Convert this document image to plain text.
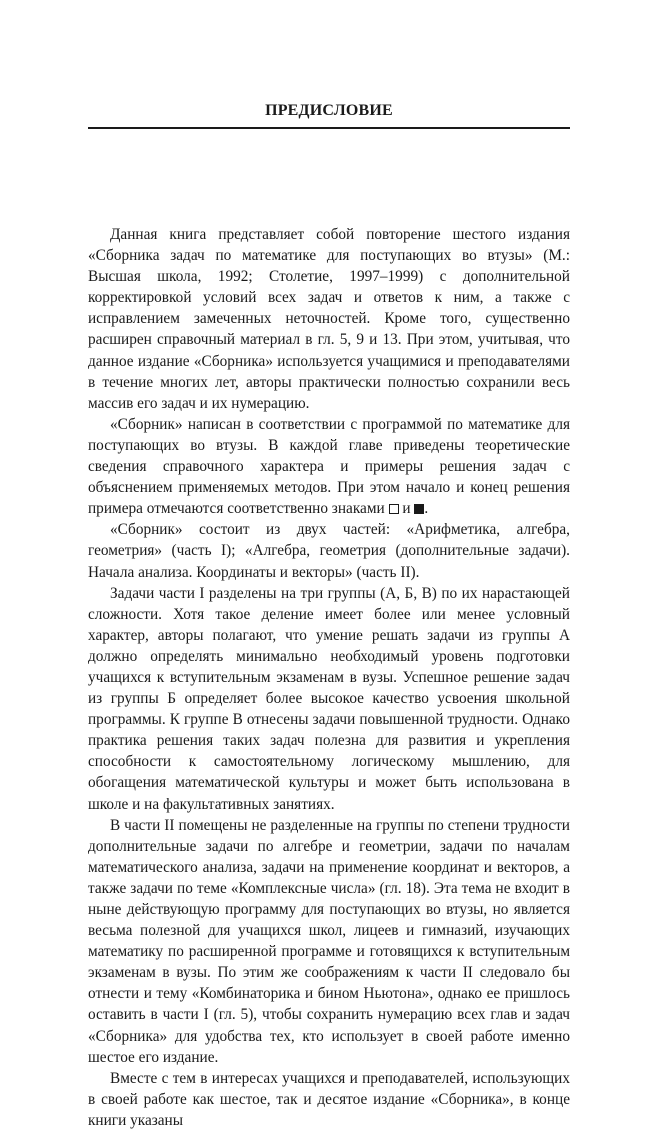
ПРЕДИСЛОВИЕ

Данная книга представляет собой повторение шестого издания «Сборника задач по математике для поступающих во втузы» (М.: Высшая школа, 1992; Столетие, 1997–1999) с дополнительной корректировкой условий всех задач и ответов к ним, а также с исправлением замеченных неточностей. Кроме того, существенно расширен справочный материал в гл. 5, 9 и 13. При этом, учитывая, что данное издание «Сборника» используется учащимися и преподавателями в течение многих лет, авторы практически полностью сохранили весь массив его задач и их нумерацию.

«Сборник» написан в соответствии с программой по математике для поступающих во втузы. В каждой главе приведены теоретические сведения справочного характера и примеры решения задач с объяснением применяемых методов. При этом начало и конец решения примера отмечаются соответственно знаками  и .

«Сборник» состоит из двух частей: «Арифметика, алгебра, геометрия» (часть I); «Алгебра, геометрия (дополнительные задачи). Начала анализа. Координаты и векторы» (часть II).

Задачи части I разделены на три группы (А, Б, В) по их нарастающей сложности. Хотя такое деление имеет более или менее условный характер, авторы полагают, что умение решать задачи из группы А должно определять минимально необходимый уровень подготовки учащихся к вступительным экзаменам в вузы. Успешное решение задач из группы Б определяет более высокое качество усвоения школьной программы. К группе В отнесены задачи повышенной трудности. Однако практика решения таких задач полезна для развития и укрепления способности к самостоятельному логическому мышлению, для обогащения математической культуры и может быть использована в школе и на факультативных занятиях.

В части II помещены не разделенные на группы по степени трудности дополнительные задачи по алгебре и геометрии, задачи по началам математического анализа, задачи на применение координат и векторов, а также задачи по теме «Комплексные числа» (гл. 18). Эта тема не входит в ныне действующую программу для поступающих во втузы, но является весьма полезной для учащихся школ, лицеев и гимназий, изучающих математику по расширенной программе и готовящихся к вступительным экзаменам в вузы. По этим же соображениям к части II следовало бы отнести и тему «Комбинаторика и бином Ньютона», однако ее пришлось оставить в части I (гл. 5), чтобы сохранить нумерацию всех глав и задач «Сборника» для удобства тех, кто использует в своей работе именно шестое его издание.

Вместе с тем в интересах учащихся и преподавателей, использующих в своей работе как шестое, так и десятое издание «Сборника», в конце книги указаны
